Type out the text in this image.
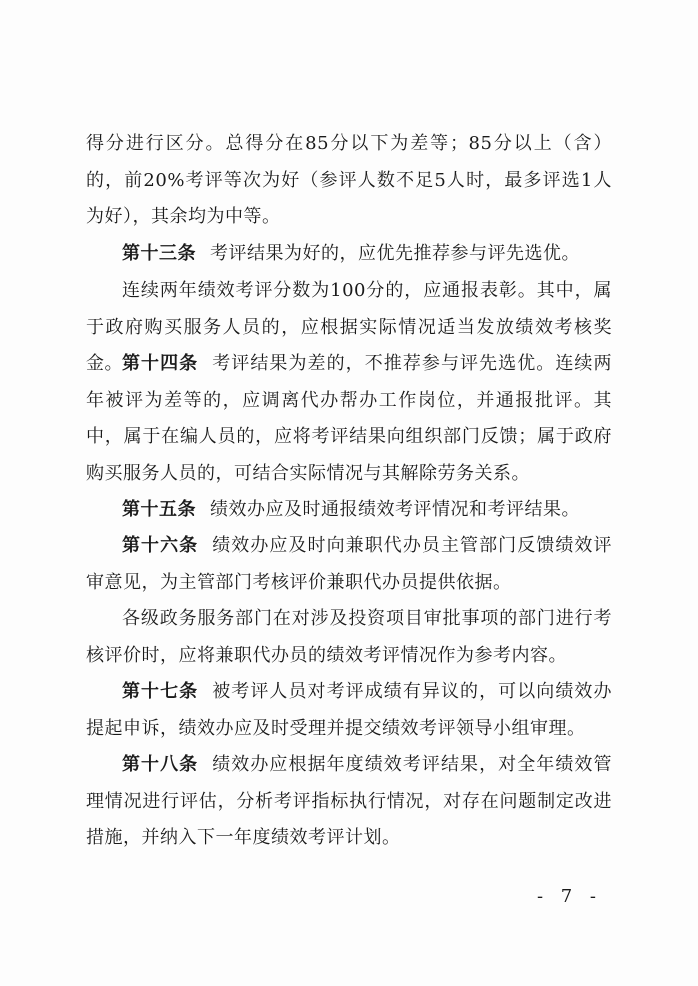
得分进行区分。总得分在85分以下为差等；85分以上（含）的，前20%考评等次为好（参评人数不足5人时，最多评选1人为好），其余均为中等。

第十三条 考评结果为好的，应优先推荐参与评先选优。

连续两年绩效考评分数为100分的，应通报表彰。其中，属于政府购买服务人员的，应根据实际情况适当发放绩效考核奖金。 第十四条 考评结果为差的，不推荐参与评先选优。连续两年被评为差等的，应调离代办帮办工作岗位，并通报批评。其中，属于在编人员的，应将考评结果向组织部门反馈；属于政府购买服务人员的，可结合实际情况与其解除劳务关系。

第十五条 绩效办应及时通报绩效考评情况和考评结果。

第十六条 绩效办应及时向兼职代办员主管部门反馈绩效评审意见，为主管部门考核评价兼职代办员提供依据。

各级政务服务部门在对涉及投资项目审批事项的部门进行考核评价时，应将兼职代办员的绩效考评情况作为参考内容。

第十七条 被考评人员对考评成绩有异议的，可以向绩效办提起申诉，绩效办应及时受理并提交绩效考评领导小组审理。

第十八条 绩效办应根据年度绩效考评结果，对全年绩效管理情况进行评估，分析考评指标执行情况，对存在问题制定改进措施，并纳入下一年度绩效考评计划。

- 7 -
